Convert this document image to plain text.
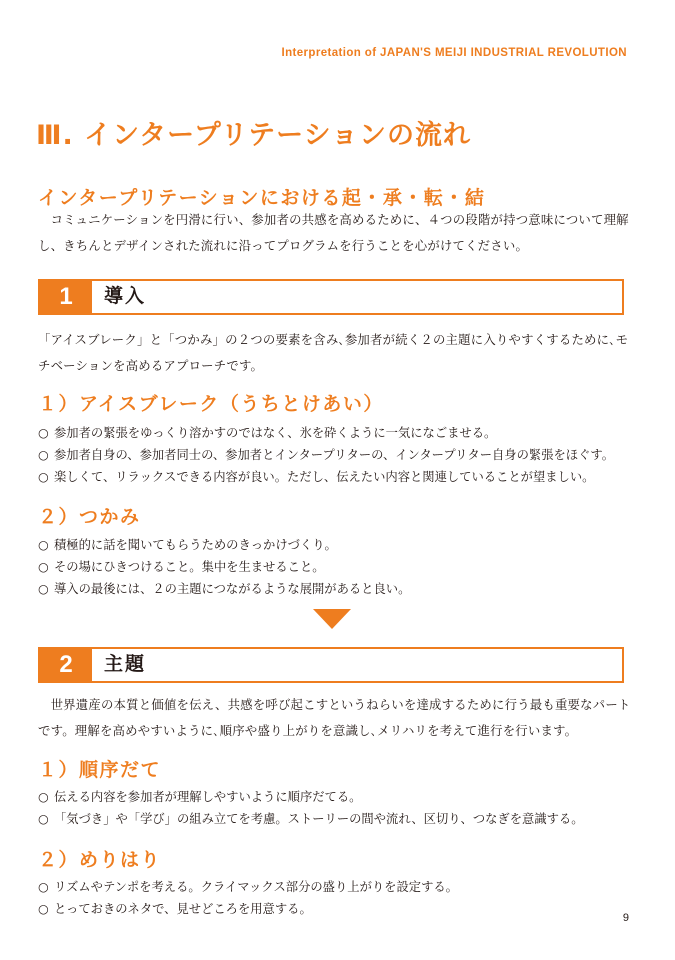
Interpretation of JAPAN'S MEIJI INDUSTRIAL REVOLUTION
Ⅲ. インタープリテーションの流れ
インタープリテーションにおける起・承・転・結

　コミュニケーションを円滑に行い、参加者の共感を高めるために、４つの段階が持つ意味について理解し、きちんとデザインされた流れに沿ってプログラムを行うことを心がけてください。

1	導入

「アイスブレーク」と「つかみ」の２つの要素を含み､参加者が続く２の主題に入りやすくするために､モチベーションを高めるアプローチです。

１）アイスブレーク（うちとけあい）
○ 参加者の緊張をゆっくり溶かすのではなく、氷を砕くように一気になごませる。
○ 参加者自身の、参加者同士の、参加者とインタープリターの、インタープリター自身の緊張をほぐす。
○ 楽しくて、リラックスできる内容が良い。ただし、伝えたい内容と関連していることが望ましい。
２）つかみ
○ 積極的に話を聞いてもらうためのきっかけづくり。
○ その場にひきつけること。集中を生ませること。
○ 導入の最後には、２の主題につながるような展開があると良い。
2	主題

　世界遺産の本質と価値を伝え、共感を呼び起こすというねらいを達成するために行う最も重要なパートです。理解を高めやすいように､順序や盛り上がりを意識し､メリハリを考えて進行を行います。

１）順序だて
○ 伝える内容を参加者が理解しやすいように順序だてる。
○ 「気づき」や「学び」の組み立てを考慮。ストーリーの間や流れ、区切り、つなぎを意識する。
２）めりはり
○ リズムやテンポを考える。クライマックス部分の盛り上がりを設定する。
○ とっておきのネタで、見せどころを用意する。
9
